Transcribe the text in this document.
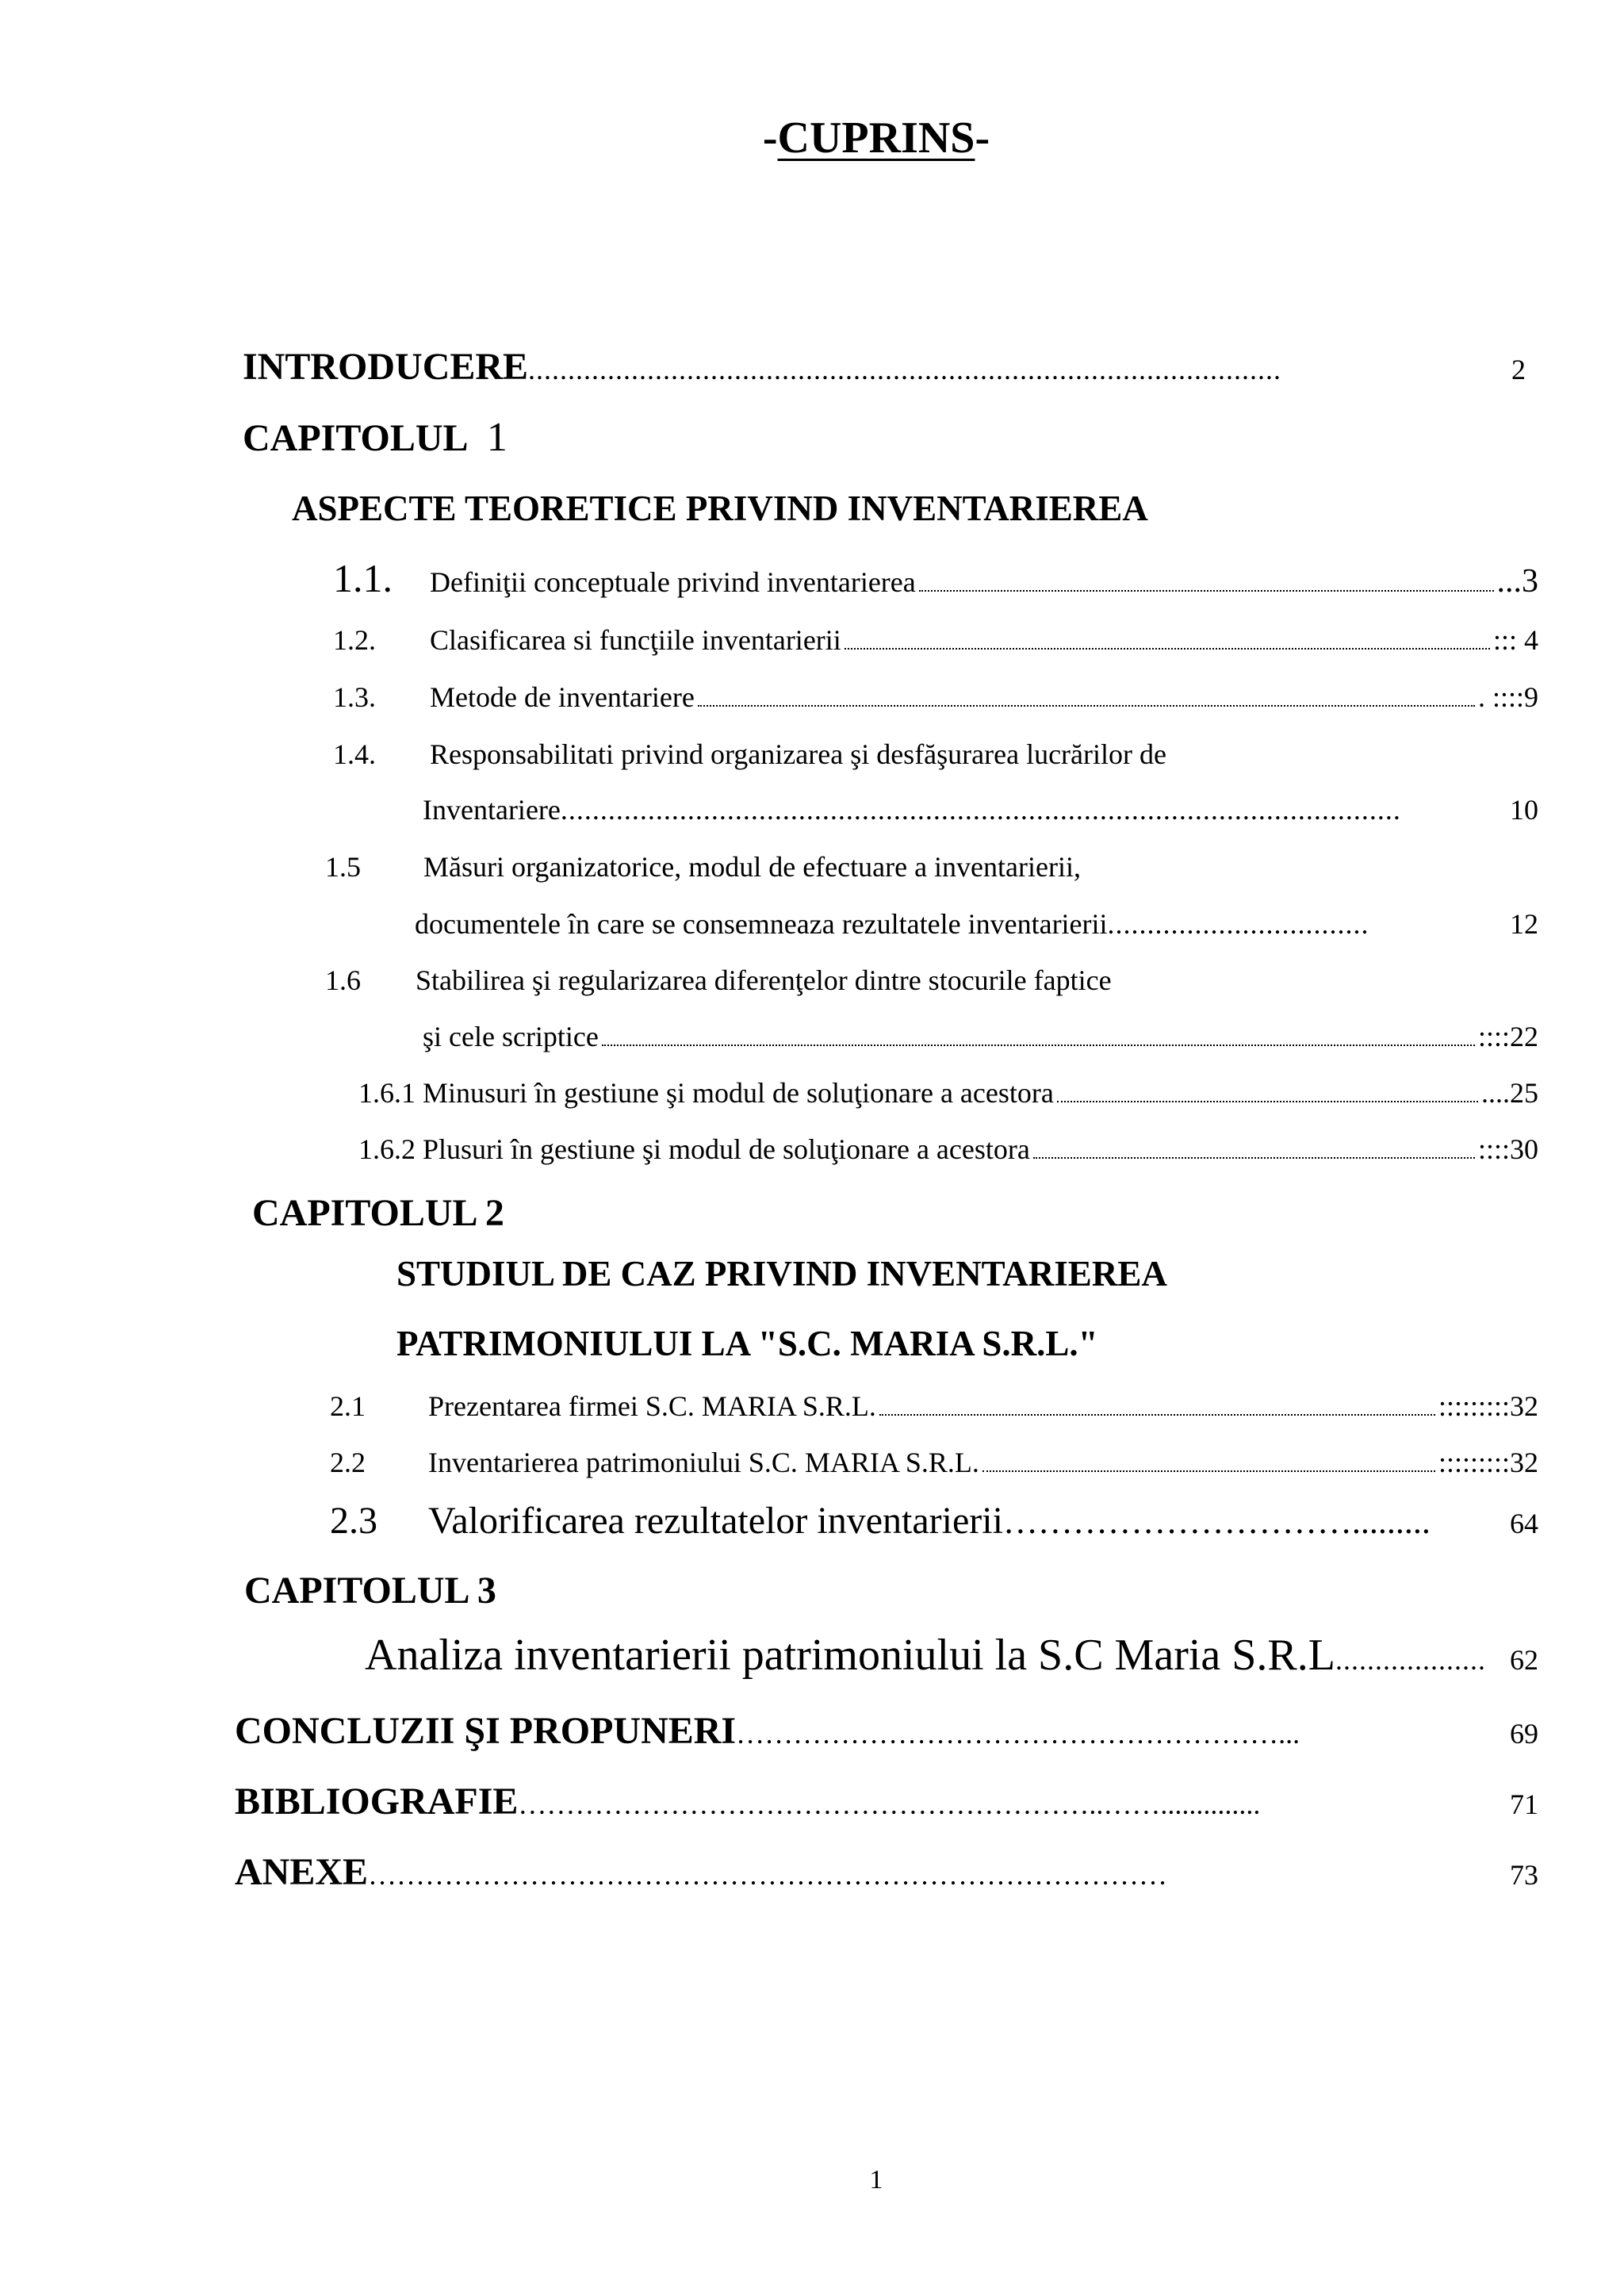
-CUPRINS-
INTRODUCERE ...............................................................................................	2
CAPITOLUL 1
ASPECTE TEORETICE PRIVIND INVENTARIEREA
1.1.	Definiţii conceptuale privind inventarierea	...3
1.2.	Clasificarea si funcţiile inventarierii	::: 4
1.3.	Metode de inventariere	. ::::9
1.4.	Responsabilitati privind organizarea şi desfăşurarea lucrărilor de
Inventariere ..........................................................................................................	10
1.5	Măsuri organizatorice, modul de efectuare a inventarierii,
documentele în care se consemneaza rezultatele inventarierii .................................	12
1.6	Stabilirea şi regularizarea diferenţelor dintre stocurile faptice
şi cele scriptice	::::22
1.6.1 Minusuri în gestiune şi modul de soluţionare a acestora	....25
1.6.2 Plusuri în gestiune şi modul de soluţionare a acestora	::::30
CAPITOLUL 2
STUDIUL DE CAZ PRIVIND INVENTARIEREA
PATRIMONIULUI LA "S.C. MARIA S.R.L."
2.1	Prezentarea firmei S.C. MARIA S.R.L.	:::::::::32
2.2	Inventarierea patrimoniului S.C. MARIA S.R.L.	:::::::::32
2.3	Valorificarea rezultatelor inventarierii ………………………….........	64
CAPITOLUL 3
Analiza inventarierii patrimoniului la S.C Maria S.R.L ................... 62
CONCLUZII ŞI PROPUNERI …………………………………………………...	69
BIBLIOGRAFIE ……………………………………………………..……..............	71
ANEXE …………………………………………………………………………	73
1
